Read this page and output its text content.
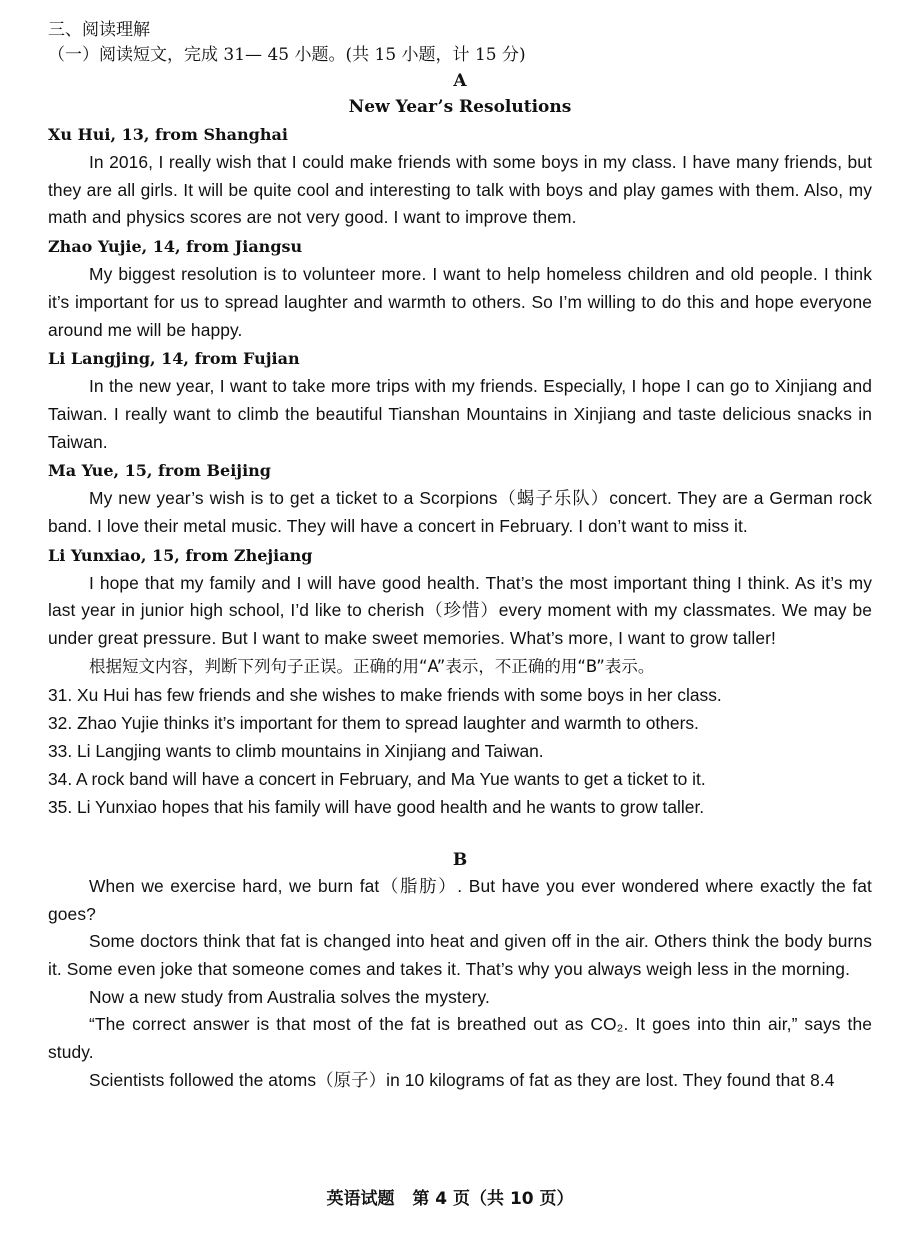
三、阅读理解

（一）阅读短文，完成 31— 45 小题。(共 15 小题，计 15 分)

A

New Year’s Resolutions

Xu Hui, 13, from Shanghai

In 2016, I really wish that I could make friends with some boys in my class. I have many friends, but they are all girls. It will be quite cool and interesting to talk with boys and play games with them. Also, my math and physics scores are not very good. I want to improve them.

Zhao Yujie, 14, from Jiangsu

My biggest resolution is to volunteer more. I want to help homeless children and old people. I think it’s important for us to spread laughter and warmth to others. So I’m willing to do this and hope everyone around me will be happy.

Li Langjing, 14, from Fujian

In the new year, I want to take more trips with my friends. Especially, I hope I can go to Xinjiang and Taiwan. I really want to climb the beautiful Tianshan Mountains in Xinjiang and taste delicious snacks in Taiwan.

Ma Yue, 15, from Beijing

My new year’s wish is to get a ticket to a Scorpions（蝎子乐队）concert. They are a German rock band. I love their metal music. They will have a concert in February. I don’t want to miss it.

Li Yunxiao, 15, from Zhejiang

I hope that my family and I will have good health. That’s the most important thing I think. As it’s my last year in junior high school, I’d like to cherish（珍惜）every moment with my classmates. We may be under great pressure. But I want to make sweet memories. What’s more, I want to grow taller!

根据短文内容，判断下列句子正误。正确的用“A”表示，不正确的用“B”表示。

31. Xu Hui has few friends and she wishes to make friends with some boys in her class.

32. Zhao Yujie thinks it’s important for them to spread laughter and warmth to others.

33. Li Langjing wants to climb mountains in Xinjiang and Taiwan.

34. A rock band will have a concert in February, and Ma Yue wants to get a ticket to it.

35. Li Yunxiao hopes that his family will have good health and he wants to grow taller.

B

When we exercise hard, we burn fat（脂肪）. But have you ever wondered where exactly the fat goes?

Some doctors think that fat is changed into heat and given off in the air. Others think the body burns it. Some even joke that someone comes and takes it. That’s why you always weigh less in the morning.

Now a new study from Australia solves the mystery.

“The correct answer is that most of the fat is breathed out as CO₂. It goes into thin air,” says the study.

Scientists followed the atoms（原子）in 10 kilograms of fat as they are lost. They found that 8.4

英语试题 第 4 页（共 10 页）
